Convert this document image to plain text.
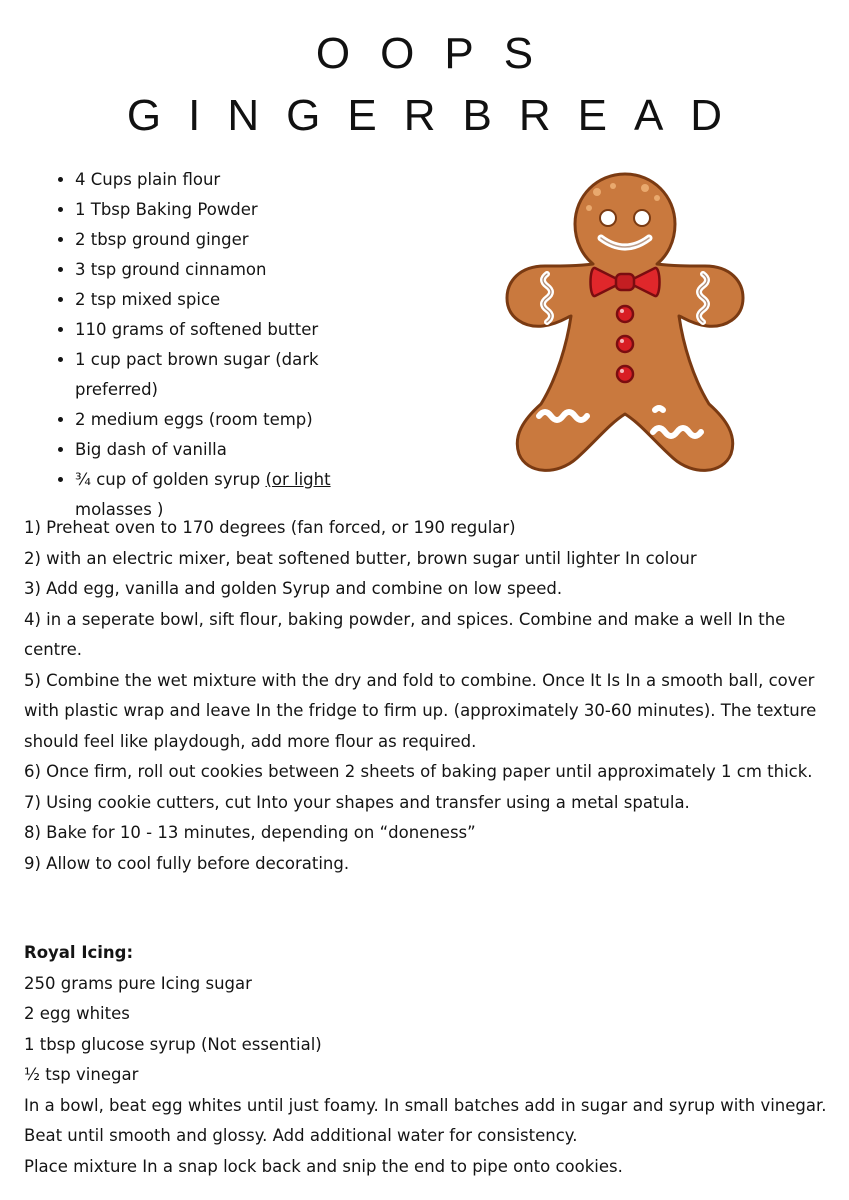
OOPS
GINGERBREAD
• 4 Cups plain flour
• 1 Tbsp Baking Powder
• 2 tbsp ground ginger
• 3 tsp ground cinnamon
• 2 tsp mixed spice
• 110 grams of softened butter
• 1 cup pact brown sugar (dark preferred)
• 2 medium eggs (room temp)
• Big dash of vanilla
• ¾ cup of golden syrup (or light molasses )

1) Preheat oven to 170 degrees (fan forced, or 190 regular)

2) with an electric mixer, beat softened butter, brown sugar until lighter In colour

3) Add egg, vanilla and golden Syrup and combine on low speed.

4) in a seperate bowl, sift flour, baking powder, and spices. Combine and make a well In the centre.

5) Combine the wet mixture with the dry and fold to combine. Once It Is In a smooth ball, cover with plastic wrap and leave In the fridge to firm up. (approximately 30-60 minutes). The texture should feel like playdough, add more flour as required.

6) Once firm, roll out cookies between 2 sheets of baking paper until approximately 1 cm thick.

7) Using cookie cutters, cut Into your shapes and transfer using a metal spatula.

8) Bake for 10 - 13 minutes, depending on “doneness”

9) Allow to cool fully before decorating.

Royal Icing:

250 grams pure Icing sugar

2 egg whites

1 tbsp glucose syrup (Not essential)

½ tsp vinegar

In a bowl, beat egg whites until just foamy. In small batches add in sugar and syrup with vinegar. Beat until smooth and glossy. Add additional water for consistency.

Place mixture In a snap lock back and snip the end to pipe onto cookies.
